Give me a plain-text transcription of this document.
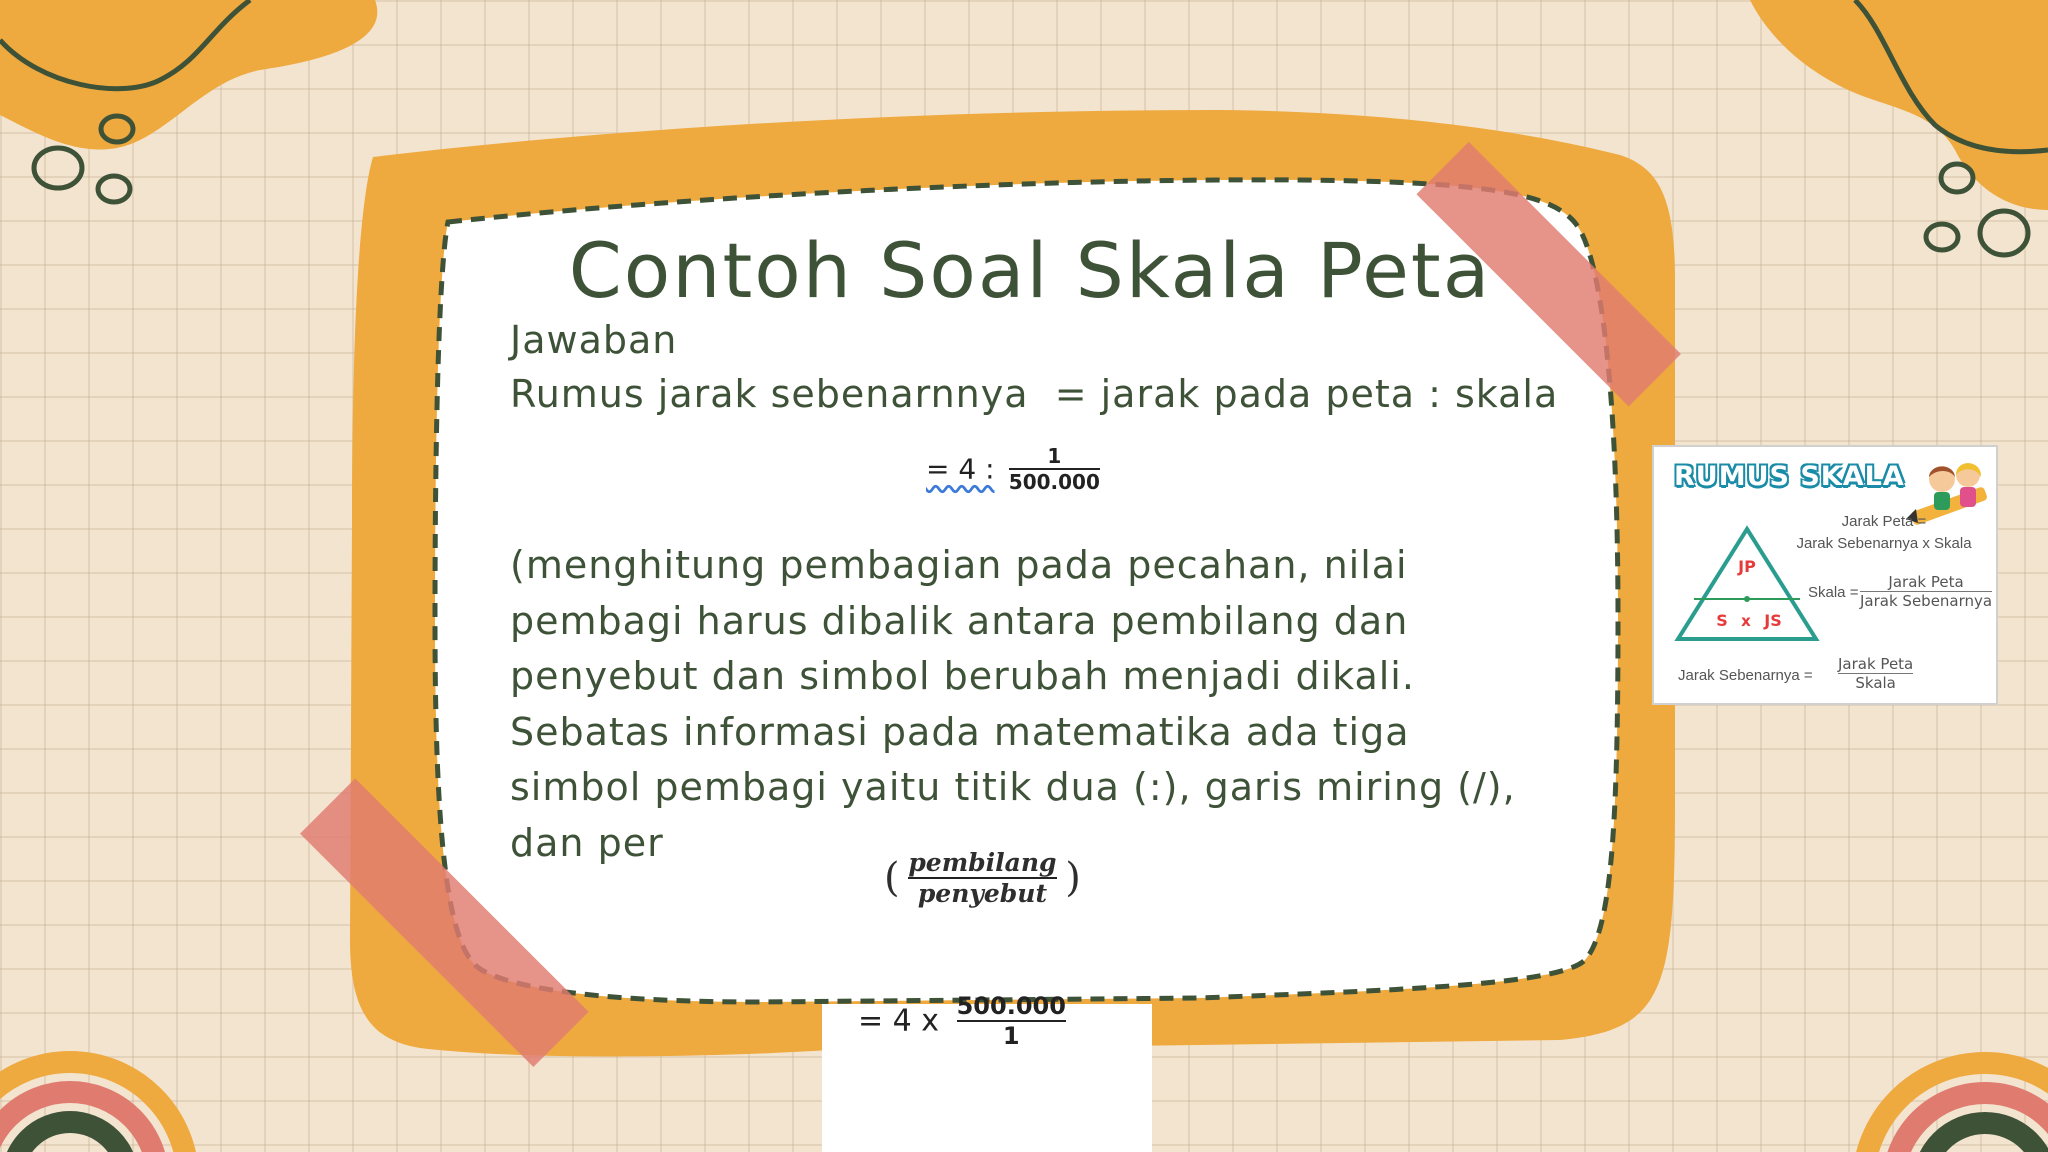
Contoh Soal Skala Peta
Jawaban
Rumus jarak sebenarnnya  = jarak pada peta : skala
= 4 : $\frac{1}{500.000}$
(menghitung pembagian pada pecahan, nilai
pembagi harus dibalik antara pembilang dan
penyebut dan simbol berubah menjadi dikali.
Sebatas informasi pada matematika ada tiga
simbol pembagi yaitu titik dua (:), garis miring (/),
dan per
( $\frac{\text{pembilang}}{\text{penyebut}}$ )
= 4 x $\frac{500.000}{1}$
RUMUS SKALA
Jarak Peta =
Jarak Sebenarnya x Skala
JP
S x JS
Skala = $\frac{\text{Jarak Peta}}{\text{Jarak Sebenarnya}}$
Jarak Sebenarnya = $\frac{\text{Jarak Peta}}{\text{Skala}}$
